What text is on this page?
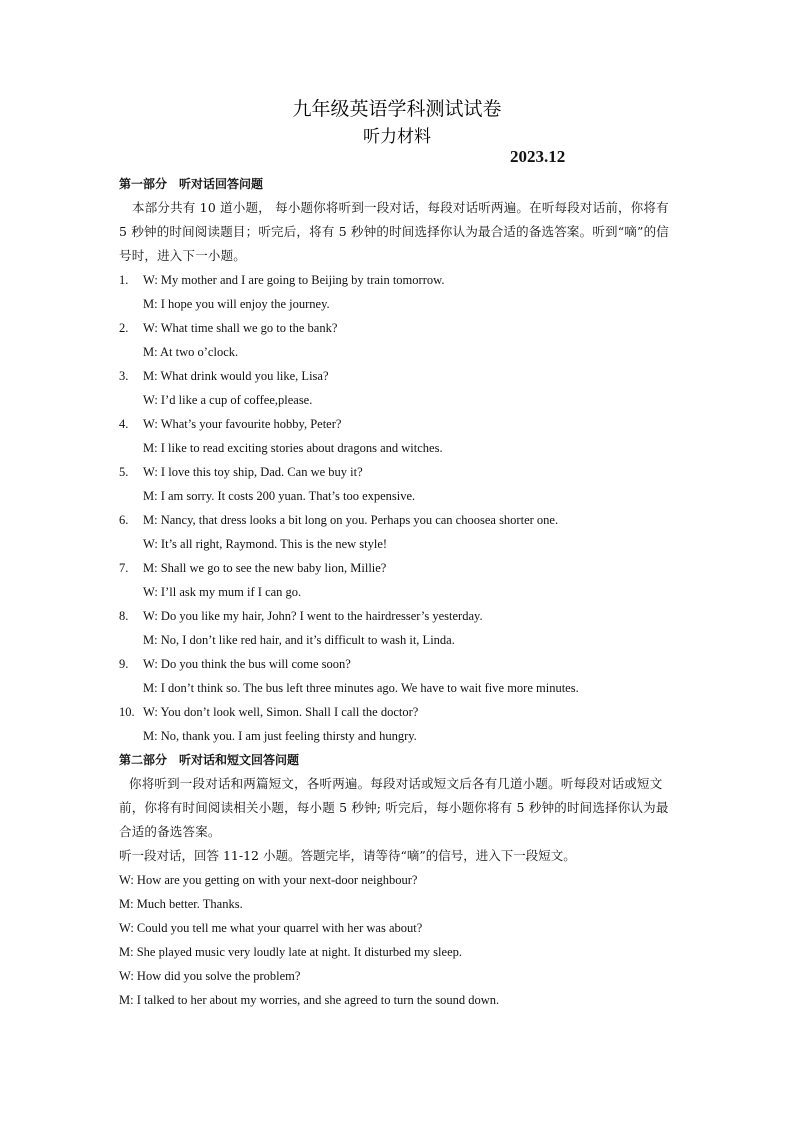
九年级英语学科测试试卷
听力材料
2023.12
第一部分　听对话回答问题
本部分共有 10 道小题， 每小题你将听到一段对话，每段对话听两遍。在听每段对话前，你将有 5 秒钟的时间阅读题目；听完后，将有 5 秒钟的时间选择你认为最合适的备选答案。听到“嘀”的信号时，进入下一小题。
1.	W: My mother and I are going to Beijing by train tomorrow.
M: I hope you will enjoy the journey.
2.	W: What time shall we go to the bank?
M: At two o’clock.
3.	M: What drink would you like, Lisa?
W: I’d like a cup of coffee,please.
4.	W: What’s your favourite hobby, Peter?
M: I like to read exciting stories about dragons and witches.
5.	W: I love this toy ship, Dad. Can we buy it?
M: I am sorry. It costs 200 yuan. That’s too expensive.
6.	M: Nancy, that dress looks a bit long on you. Perhaps you can choosea shorter one.
W: It’s all right, Raymond. This is the new style!
7.	M: Shall we go to see the new baby lion, Millie?
W: I’ll ask my mum if I can go.
8.	W: Do you like my hair, John? I went to the hairdresser’s yesterday.
M: No, I don’t like red hair, and it’s difficult to wash it, Linda.
9.	W: Do you think the bus will come soon?
M: I don’t think so. The bus left three minutes ago. We have to wait five more minutes.
10. W: You don’t look well, Simon. Shall I call the doctor?
M: No, thank you. I am just feeling thirsty and hungry.
第二部分　听对话和短文回答问题
你将听到一段对话和两篇短文，各听两遍。每段对话或短文后各有几道小题。听每段对话或短文前，你将有时间阅读相关小题，每小题 5 秒钟; 听完后，每小题你将有 5 秒钟的时间选择你认为最合适的备选答案。
听一段对话，回答 11-12 小题。答题完毕，请等待“嘀”的信号，进入下一段短文。
W: How are you getting on with your next-door neighbour?
M: Much better. Thanks.
W: Could you tell me what your quarrel with her was about?
M: She played music very loudly late at night. It disturbed my sleep.
W: How did you solve the problem?
M: I talked to her about my worries, and she agreed to turn the sound down.
